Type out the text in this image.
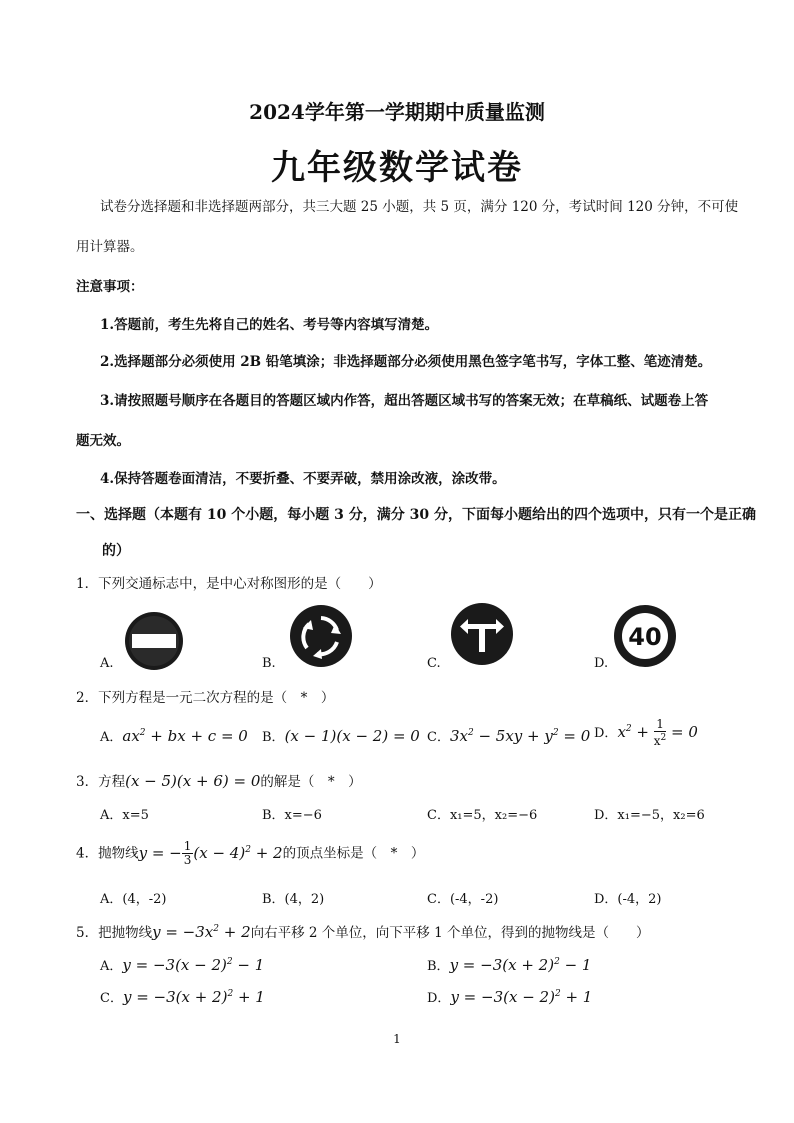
2024学年第一学期期中质量监测
九年级数学试卷
试卷分选择题和非选择题两部分，共三大题 25 小题，共 5 页，满分 120 分，考试时间 120 分钟，不可使
用计算器。
注意事项：
1.答题前，考生先将自己的姓名、考号等内容填写清楚。
2.选择题部分必须使用 2B 铅笔填涂；非选择题部分必须使用黑色签字笔书写，字体工整、笔迹清楚。
3.请按照题号顺序在各题目的答题区域内作答，超出答题区域书写的答案无效；在草稿纸、试题卷上答
题无效。
4.保持答题卷面清洁，不要折叠、不要弄破，禁用涂改液，涂改带。
一、选择题（本题有 10 个小题，每小题 3 分，满分 30 分，下面每小题给出的四个选项中，只有一个是正确
的）
1．下列交通标志中，是中心对称图形的是（　　）
A.	B.	C.
40
D.
2．下列方程是一元二次方程的是（　*　）
A．$ax^2$ + bx + c = 0 B．(x − 1)(x − 2) = 0 C．$3x^2 - 5xy + y^2 = 0$ D．$x^2 + \frac{1}{x^2} = 0$
3．方程(x − 5)(x + 6) = 0的解是（　*　）
A．x=5	B．x=−6	C．x₁=5，x₂=−6	D．x₁=−5，x₂=6
4．抛物线y = − $\frac{1}{3} (x - 4)^2 + 2$的顶点坐标是（　*　）
A．(4，-2)	B．(4，2)	C．(-4，-2)	D．(-4，2)
5．把抛物线$y = -3x^2 + 2$向右平移 2 个单位，向下平移 1 个单位，得到的抛物线是（　　）
A．$y = -3(x - 2)^2 - 1$	B．$y = -3(x + 2)^2 - 1$
C．$y = -3(x + 2)^2 + 1$	D．$y = -3(x - 2)^2 + 1$
1
